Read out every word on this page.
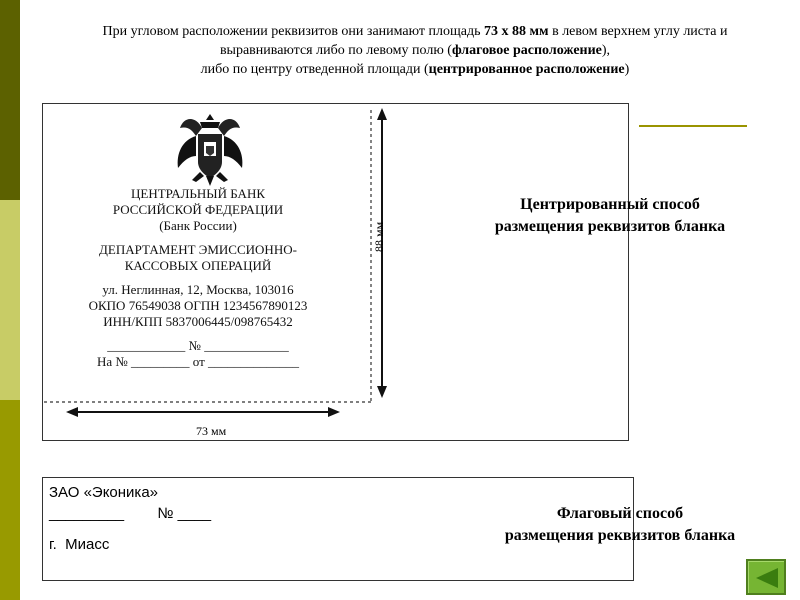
При угловом расположении реквизитов они занимают площадь 73 х 88 мм в левом верхнем углу листа и
выравниваются либо по левому полю (флаговое расположение),
либо по центру отведенной площади (центрированное расположение)
ЦЕНТРАЛЬНЫЙ БАНК
РОССИЙСКОЙ ФЕДЕРАЦИИ
(Банк России)
ДЕПАРТАМЕНТ ЭМИССИОННО-
КАССОВЫХ ОПЕРАЦИЙ
ул. Неглинная, 12, Москва, 103016
ОКПО 76549038 ОГПН 1234567890123
ИНН/КПП 5837006445/098765432
____________ № _____________
На № _________ от ______________
88 мм
73 мм
Центрированный способ
размещения реквизитов бланка
ЗАО «Эконика»
_________        № ____
г.  Миасс
Флаговый способ
размещения реквизитов бланка
